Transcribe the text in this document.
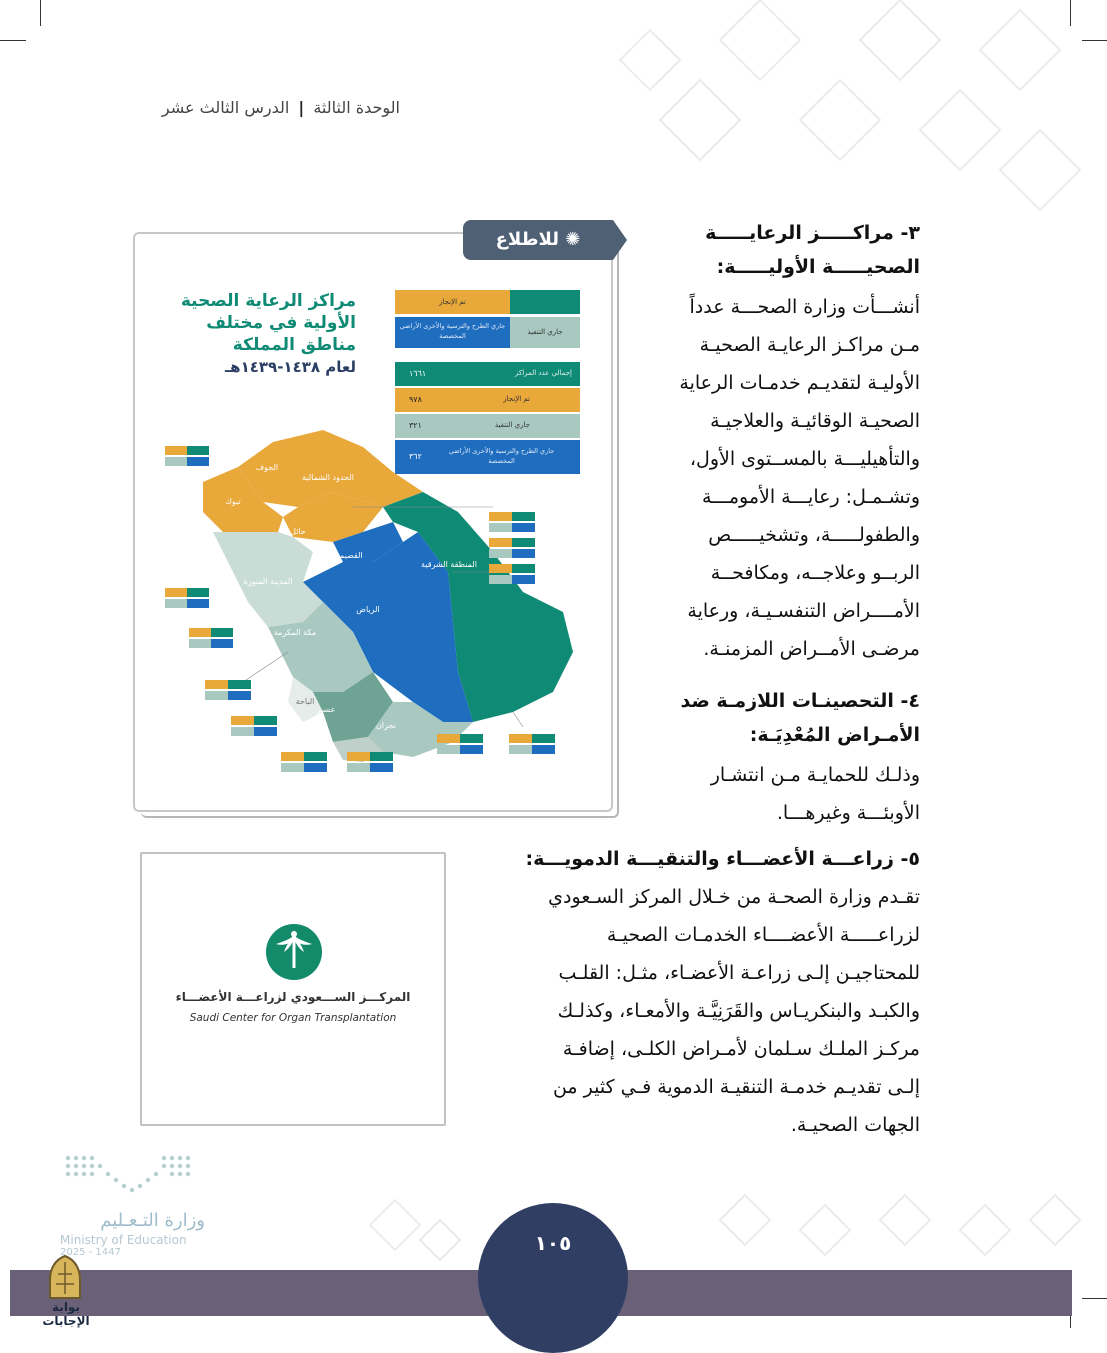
الوحدة الثالثة | الدرس الثالث عشر
✺ للاطلاع
مراكز الرعاية الصحية
الأولية في مختلف
مناطق المملكة
لعام ١٤٣٨-١٤٣٩هـ
تم الإنجاز
جاري الطرح والترسية والأخرى الأراضي المخصصة	جاري التنفيذ
إجمالي عدد المراكز
١٦٦١
تم الإنجاز
٩٧٨
جاري التنفيذ
٣٢١
جاري الطرح والترسية والأخرى الأراضي المخصصة
٣٦٢
الجوف
الحدود الشمالية
تبوك
حائل
القصيم
المدينة المنورة
المنطقة الشرقية
الرياض
مكة المكرمة
الباحة
عسير
نجران
٣- مراكـــــز الرعايـــــة
الصحيـــــة الأوليـــــة:
أنشـــأت وزارة الصحـــة عدداً
مـن مراكـز الرعايـة الصحيـة
الأوليـة لتقديـم خدمـات الرعاية
الصحيـة الوقائيـة والعلاجيـة
والتأهيليـــة بالمســتوى الأول،
وتشـمـل: رعايـــة الأمومـــة
والطفولـــــة، وتشخيـــــص
الربــو وعلاجــه، ومكافحــة
الأمــــراض التنفسـيـة، ورعاية
مرضـى الأمــراض المزمنـة.
٤- التحصينـات اللازمـة ضد
الأمـراض المُعْدِيَـة:
وذلـك للحمايـة مـن انتشـار
الأوبئـــة وغيرهـــا.
المركـــز الســـعودي لزراعـــة الأعضـــاء
Saudi Center for Organ Transplantation
٥- زراعـــة الأعضـــاء والتنقيـــة الدمويـــة:
تقـدم وزارة الصحـة من خـلال المركز السـعودي
لزراعـــــة الأعضــــاء الخدمـات الصحيـة
للمحتاجيـن إلـى زراعـة الأعضـاء، مثـل: القلـب
والكبـد والبنكريـاس والقَرَنِيَّـة والأمعـاء، وكذلـك
مركـز الملـك سـلمان لأمـراض الكلـى، إضافـة
إلـى تقديـم خدمـة التنقيـة الدموية فـي كثير من
الجهات الصحيـة.
وزارة التـعـليم
Ministry of Education
2025 - 1447	١٠٥
بوابة الإجابات
